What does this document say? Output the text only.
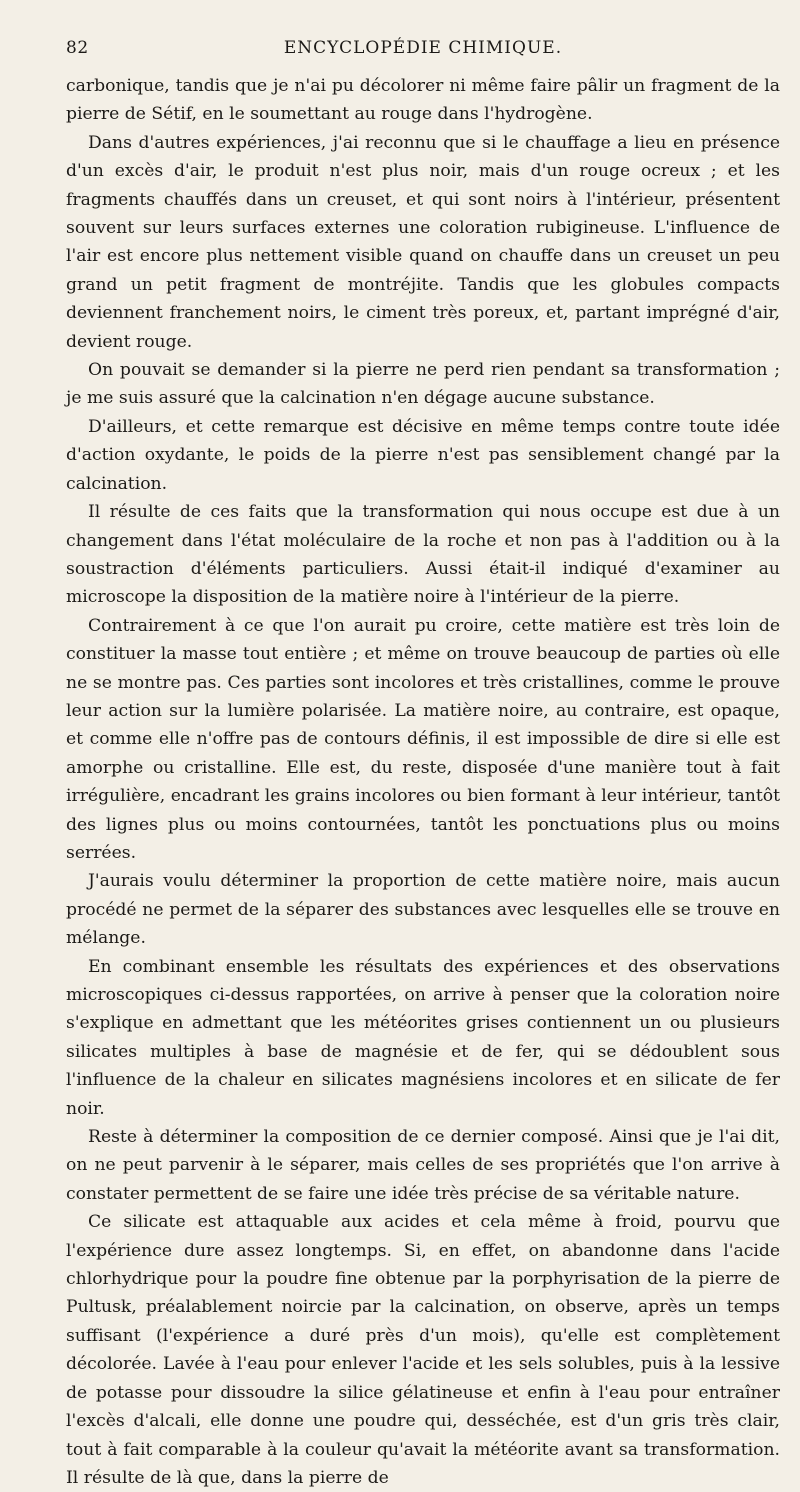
82	ENCYCLOPÉDIE CHIMIQUE.

carbonique, tandis que je n'ai pu décolorer ni même faire pâlir un fragment de la pierre de Sétif, en le soumettant au rouge dans l'hydrogène.

Dans d'autres expériences, j'ai reconnu que si le chauffage a lieu en présence d'un excès d'air, le produit n'est plus noir, mais d'un rouge ocreux ; et les fragments chauffés dans un creuset, et qui sont noirs à l'intérieur, présentent souvent sur leurs surfaces externes une coloration rubigineuse. L'influence de l'air est encore plus nettement visible quand on chauffe dans un creuset un peu grand un petit fragment de montréjite. Tandis que les globules compacts deviennent franchement noirs, le ciment très poreux, et, partant imprégné d'air, devient rouge.

On pouvait se demander si la pierre ne perd rien pendant sa transformation ; je me suis assuré que la calcination n'en dégage aucune substance.

D'ailleurs, et cette remarque est décisive en même temps contre toute idée d'action oxydante, le poids de la pierre n'est pas sensiblement changé par la calcination.

Il résulte de ces faits que la transformation qui nous occupe est due à un changement dans l'état moléculaire de la roche et non pas à l'addition ou à la soustraction d'éléments particuliers. Aussi était-il indiqué d'examiner au microscope la disposition de la matière noire à l'intérieur de la pierre.

Contrairement à ce que l'on aurait pu croire, cette matière est très loin de constituer la masse tout entière ; et même on trouve beaucoup de parties où elle ne se montre pas. Ces parties sont incolores et très cristallines, comme le prouve leur action sur la lumière polarisée. La matière noire, au contraire, est opaque, et comme elle n'offre pas de contours définis, il est impossible de dire si elle est amorphe ou cristalline. Elle est, du reste, disposée d'une manière tout à fait irrégulière, encadrant les grains incolores ou bien formant à leur intérieur, tantôt des lignes plus ou moins contournées, tantôt les ponctuations plus ou moins serrées.

J'aurais voulu déterminer la proportion de cette matière noire, mais aucun procédé ne permet de la séparer des substances avec lesquelles elle se trouve en mélange.

En combinant ensemble les résultats des expériences et des observations microscopiques ci-dessus rapportées, on arrive à penser que la coloration noire s'explique en admettant que les météorites grises contiennent un ou plusieurs silicates multiples à base de magnésie et de fer, qui se dédoublent sous l'influence de la chaleur en silicates magnésiens incolores et en silicate de fer noir.

Reste à déterminer la composition de ce dernier composé. Ainsi que je l'ai dit, on ne peut parvenir à le séparer, mais celles de ses propriétés que l'on arrive à constater permettent de se faire une idée très précise de sa véritable nature.

Ce silicate est attaquable aux acides et cela même à froid, pourvu que l'expérience dure assez longtemps. Si, en effet, on abandonne dans l'acide chlorhydrique pour la poudre fine obtenue par la porphyrisation de la pierre de Pultusk, préalablement noircie par la calcination, on observe, après un temps suffisant (l'expérience a duré près d'un mois), qu'elle est complètement décolorée. Lavée à l'eau pour enlever l'acide et les sels solubles, puis à la lessive de potasse pour dissoudre la silice gélatineuse et enfin à l'eau pour entraîner l'excès d'alcali, elle donne une poudre qui, desséchée, est d'un gris très clair, tout à fait comparable à la couleur qu'avait la météorite avant sa transformation. Il résulte de là que, dans la pierre de
